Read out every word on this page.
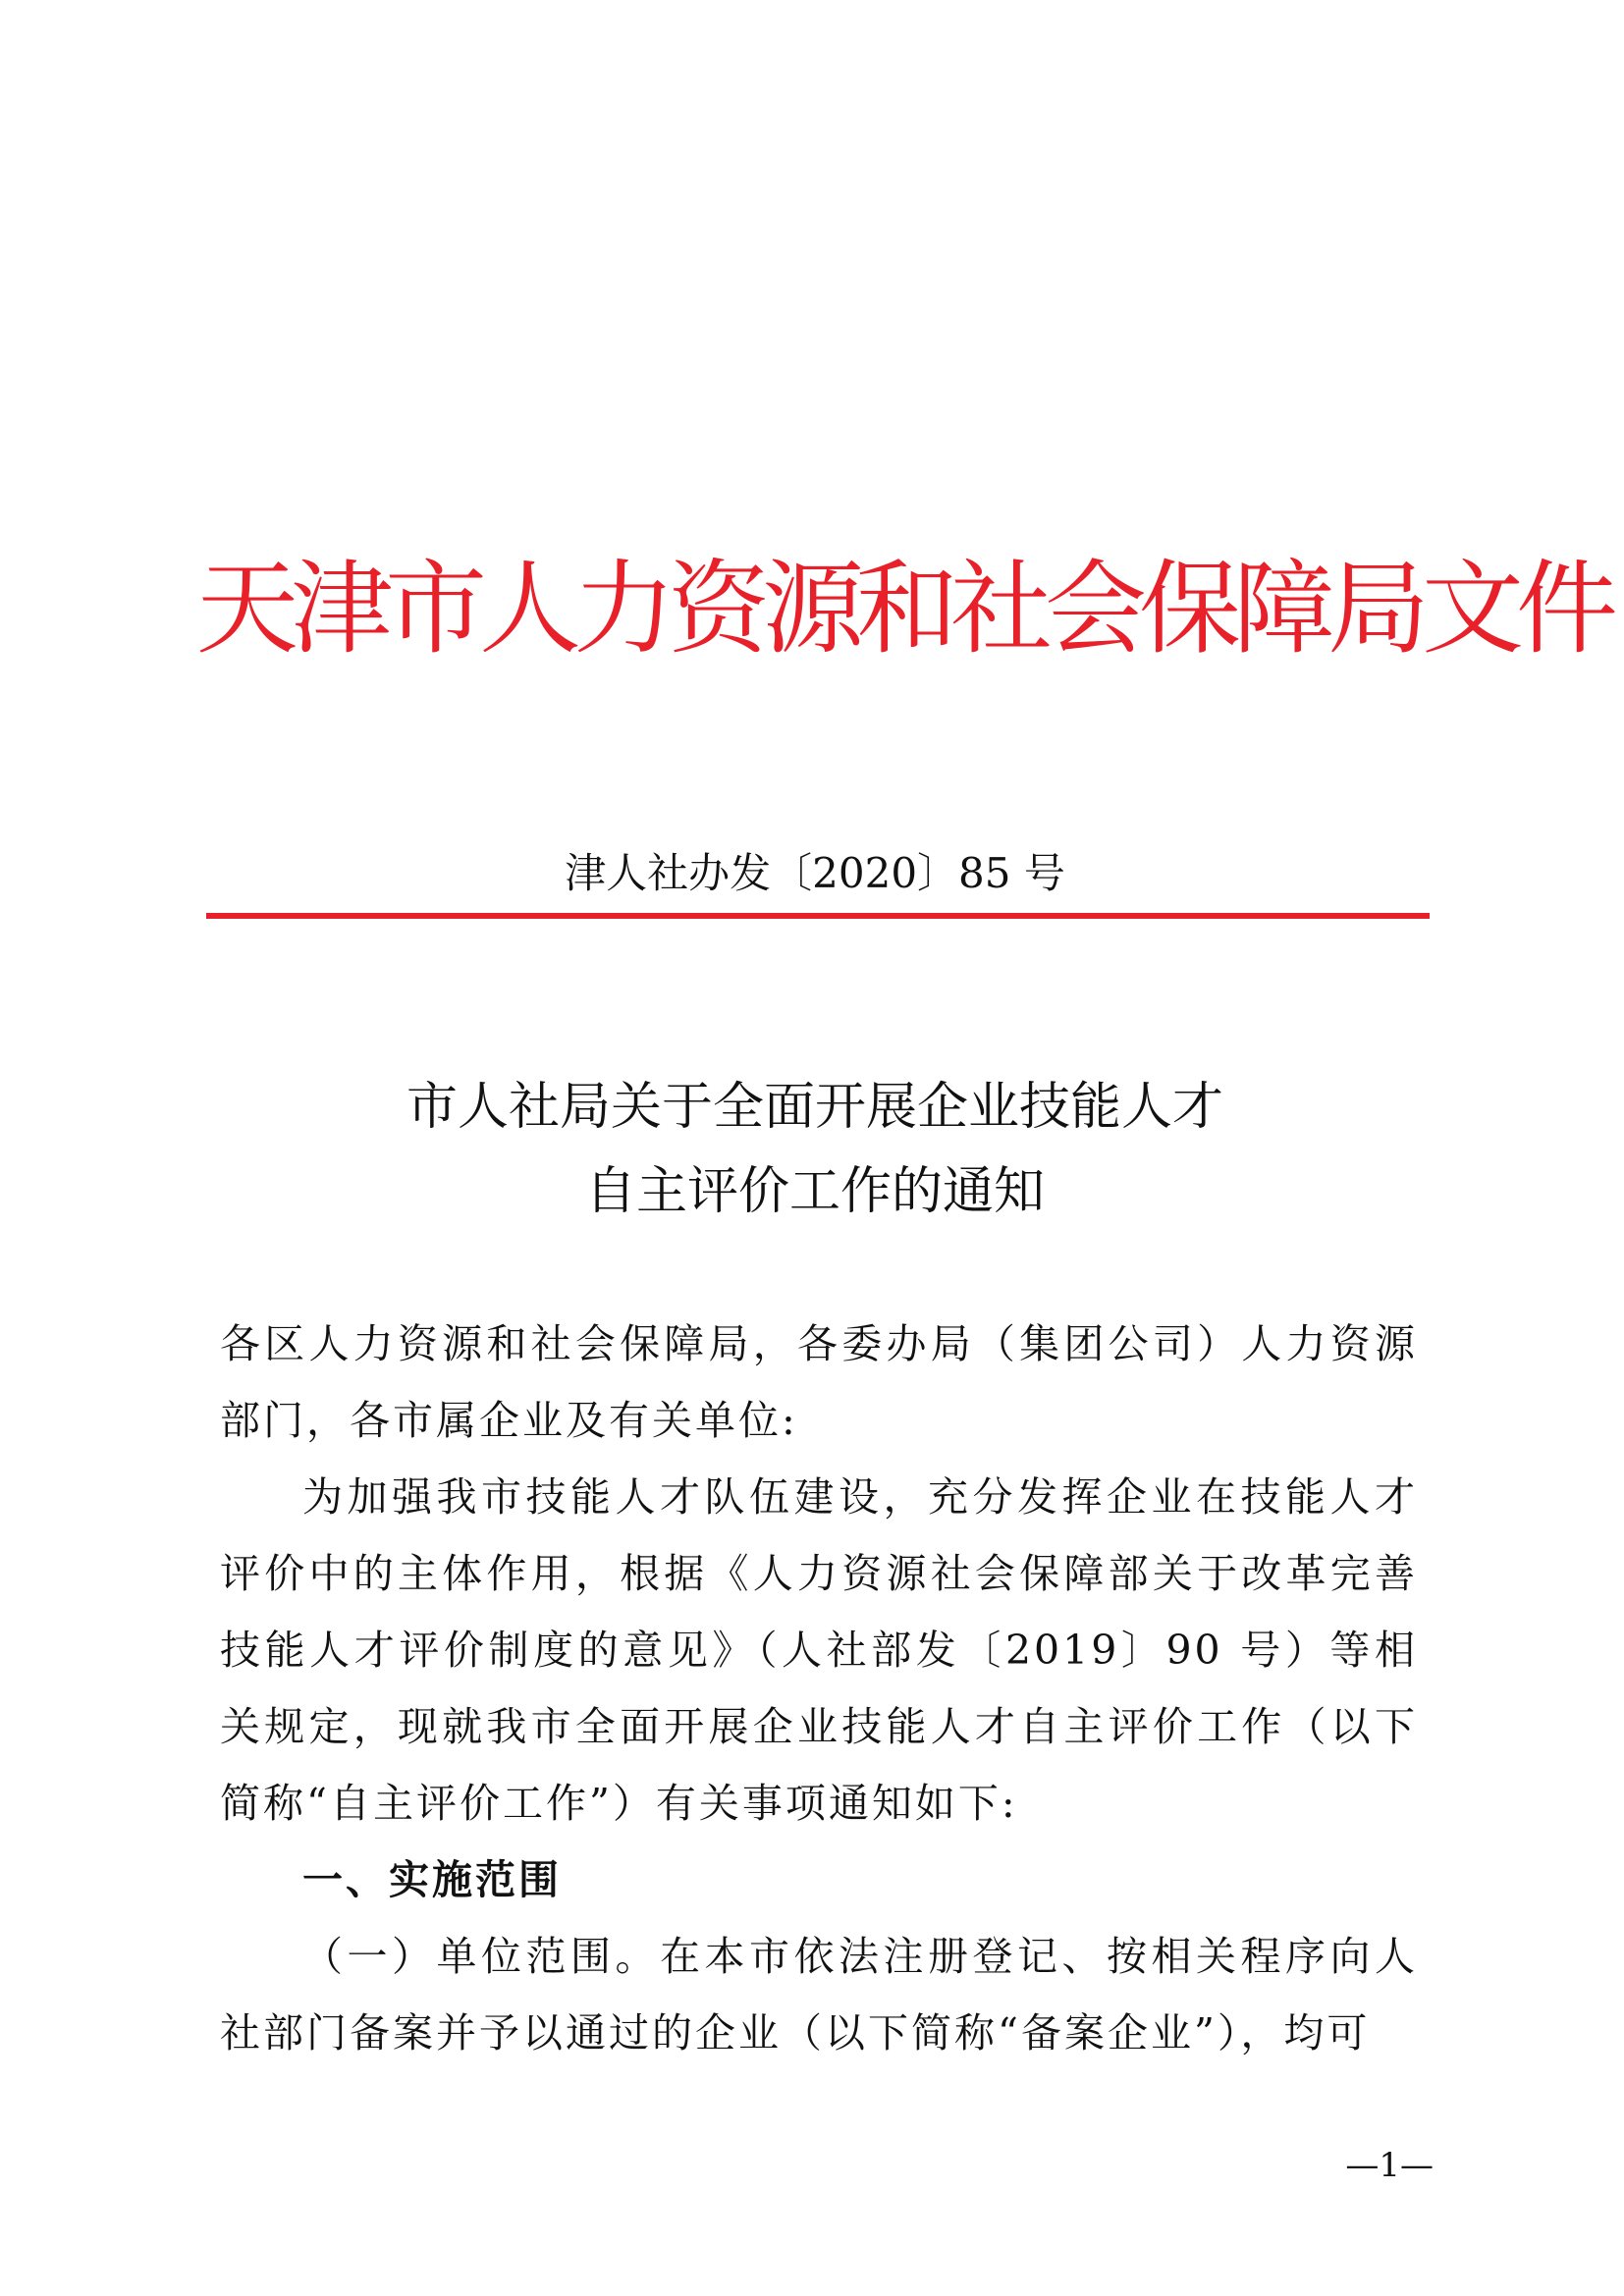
天津市人力资源和社会保障局文件
津人社办发〔2020〕85 号
市人社局关于全面开展企业技能人才
自主评价工作的通知

各区人力资源和社会保障局，各委办局（集团公司）人力资源部门，各市属企业及有关单位:

为加强我市技能人才队伍建设，充分发挥企业在技能人才评价中的主体作用，根据《人力资源社会保障部关于改革完善技能人才评价制度的意见》（人社部发〔2019〕90 号）等相关规定，现就我市全面开展企业技能人才自主评价工作（以下简称“自主评价工作”）有关事项通知如下:

一、实施范围

（一）单位范围。在本市依法注册登记、按相关程序向人社部门备案并予以通过的企业（以下简称“备案企业”），均可

—1—
